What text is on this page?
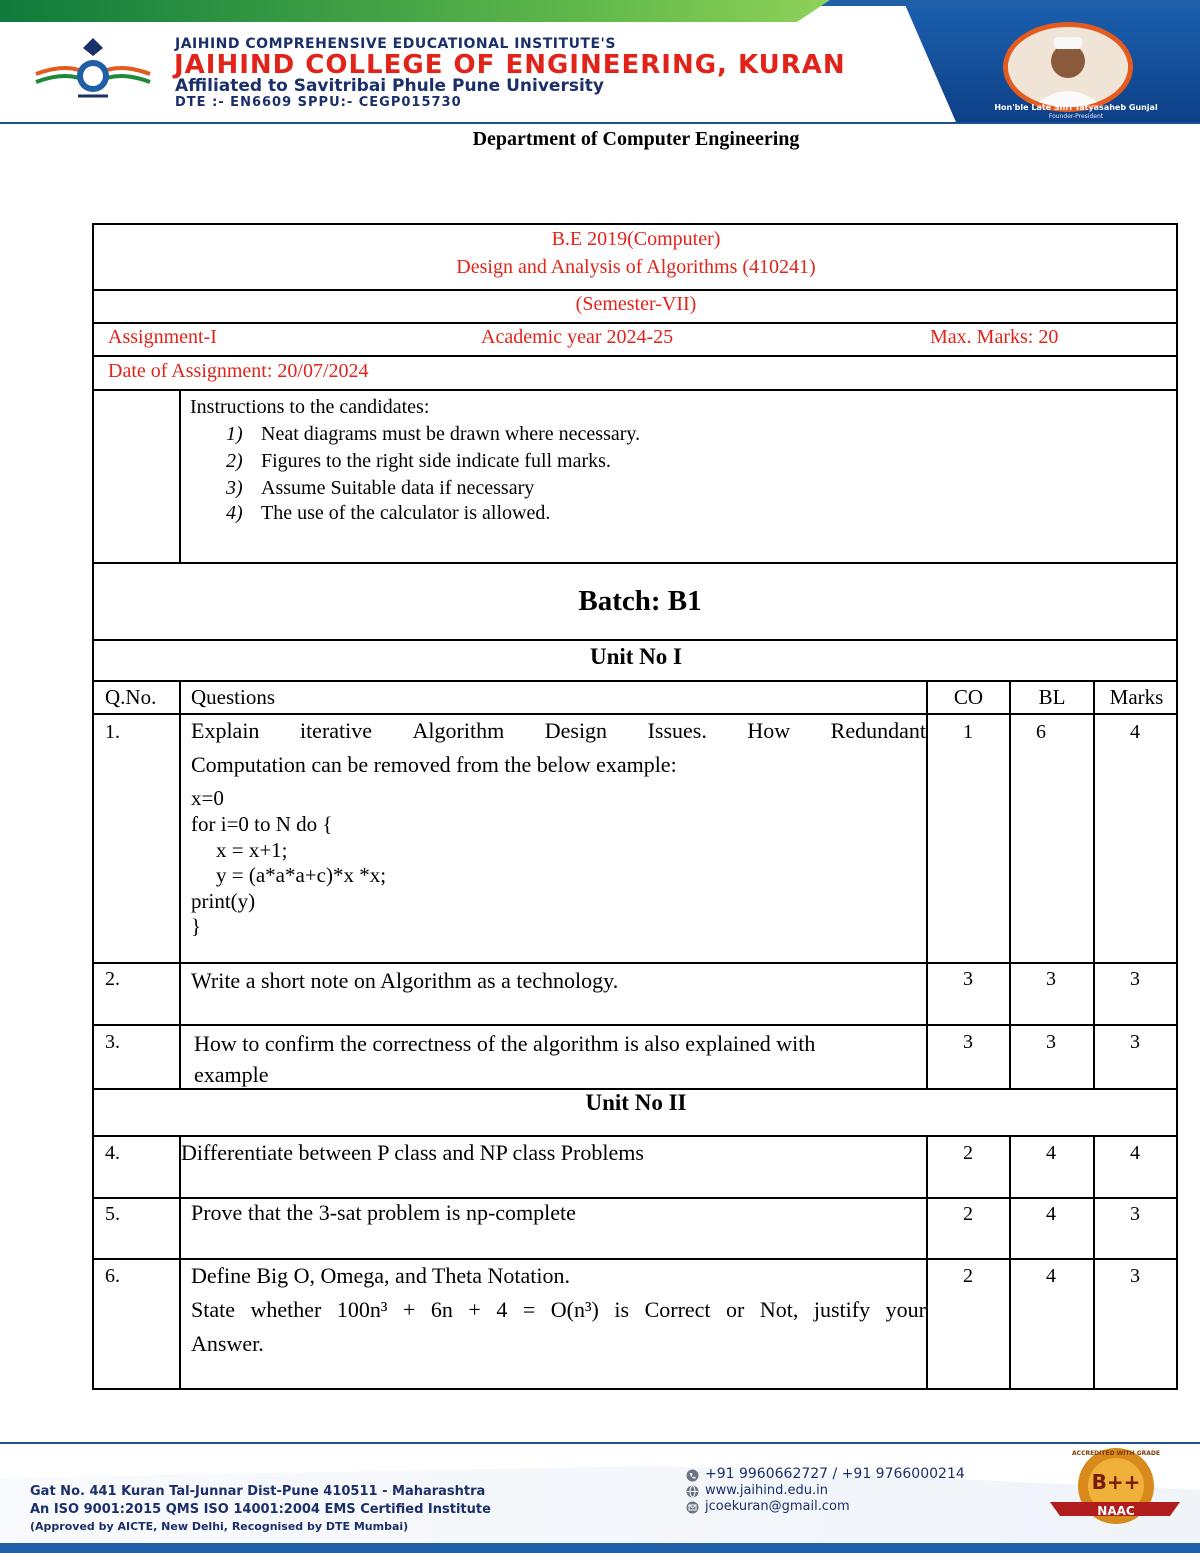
JAIHIND COMPREHENSIVE EDUCATIONAL INSTITUTE'S
JAIHIND COLLEGE OF ENGINEERING, KURAN
Affiliated to Savitribai Phule Pune University
DTE :- EN6609 SPPU:- CEGP015730	Hon'ble Late Shri Tatyasaheb Gunjal
Founder-President
Department of Computer Engineering
B.E 2019(Computer)
Design and Analysis of Algorithms (410241)
(Semester-VII)
Assignment-I	Academic year 2024-25	Max. Marks: 20
Date of Assignment: 20/07/2024
Instructions to the candidates:
1) Neat diagrams must be drawn where necessary.
2) Figures to the right side indicate full marks.
3) Assume Suitable data if necessary
4) The use of the calculator is allowed.
Batch: B1
Unit No I
Q.No. Questions	CO	BL	Marks
1.	Explain iterative Algorithm Design Issues. How Redundant
Computation can be removed from the below example:
x=0
for i=0 to N do {
x = x+1;
y = (a*a*a+c)*x *x;
print(y)
}
1	6	4
2.	Write a short note on Algorithm as a technology.	3	3	3
3.	How to confirm the correctness of the algorithm is also explained with
example
3	3	3
Unit No II
4.	Differentiate between P class and NP class Problems	2	4	4
5.	Prove that the 3-sat problem is np-complete	2	4	3
6.	Define Big O, Omega, and Theta Notation.
State whether 100n³ + 6n + 4 = O(n³) is Correct or Not, justify your
Answer.
2	4	3
Gat No. 441 Kuran Tal-Junnar Dist-Pune 410511 - Maharashtra
An ISO 9001:2015 QMS ISO 14001:2004 EMS Certified Institute
(Approved by AICTE, New Delhi, Recognised by DTE Mumbai)
+91 9960662727 / +91 9766000214
www.jaihind.edu.in
jcoekuran@gmail.com
ACCREDITED WITH GRADE
B++
NAAC
